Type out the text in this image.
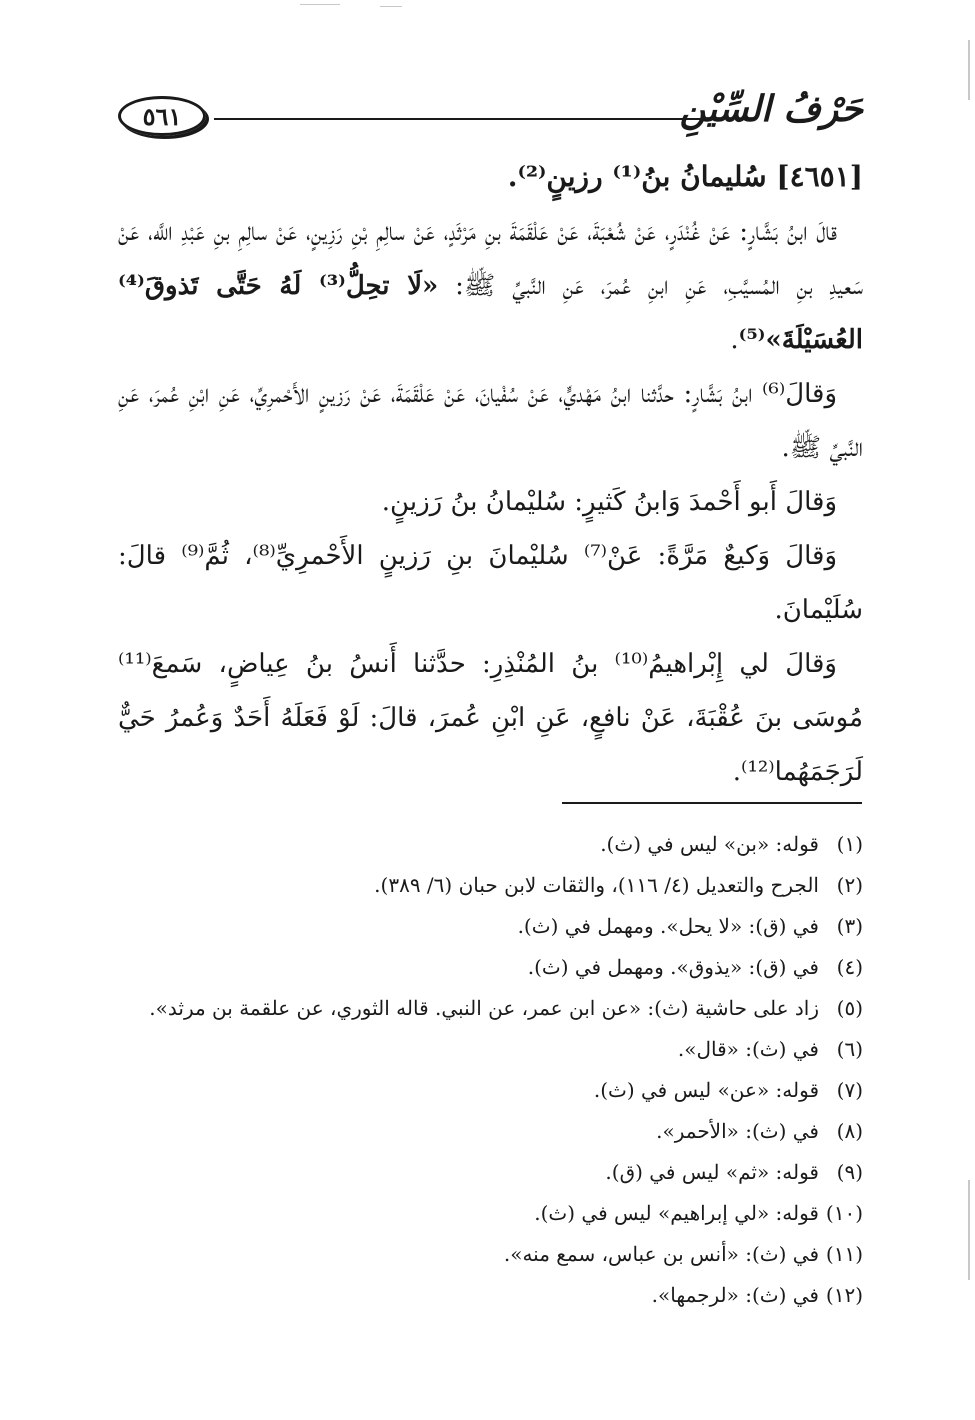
٥٦١	حَرْفُ السِّيْنِ

[٤٦٥١] سُليمانُ بنُ⁽¹⁾ رزينٍ⁽²⁾.

قالَ ابنُ بَشَّارٍ: عَنْ غُنْدَرٍ، عَنْ شُعْبَةَ، عَنْ عَلْقَمَةَ بنِ مَرْثَدٍ، عَنْ سالِمِ بْنِ رَزِينٍ، عَنْ سالِمِ بنِ عَبْدِ اللَّه، عَنْ سَعيدِ بنِ المُسيَّبِ، عَنِ ابنِ عُمرَ، عَنِ النَّبيِّ ﷺ: «لَا تحِلُّ⁽³⁾ لَهُ حَتَّى تَذوقَ⁽⁴⁾ العُسَيْلَةَ»⁽⁵⁾.

وَقالَ⁽⁶⁾ ابنُ بَشَّارٍ: حدَّثنا ابنُ مَهْديٍّ، عَنْ سُفْيانَ، عَنْ عَلْقَمَةَ، عَنْ رَزينٍ الأَحْمرِيِّ، عَنِ ابْنِ عُمرَ، عَنِ النَّبيِّ ﷺ.

وَقالَ أَبو أَحْمدَ وَابنُ كَثيرٍ: سُليْمانُ بنُ رَزينٍ.

وَقالَ وَكيعٌ مَرَّةً: عَنْ⁽⁷⁾ سُليْمانَ بنِ رَزينٍ الأَحْمرِيِّ⁽⁸⁾، ثُمَّ⁽⁹⁾ قالَ: سُلَيْمانَ.

وَقالَ لي إِبْراهيمُ⁽¹⁰⁾ بنُ المُنْذِرِ: حدَّثنا أَنسُ بنُ عِياضٍ، سَمعَ⁽¹¹⁾ مُوسَى بنَ عُقْبَةَ، عَنْ نافعٍ، عَنِ ابْنِ عُمرَ، قالَ: لَوْ فَعَلَهُ أَحَدٌ وَعُمرُ حَيٌّ لَرَجَمَهُما⁽¹²⁾.

(١)قوله: «بن» ليس في (ث).
(٢)الجرح والتعديل (٤/ ١١٦)، والثقات لابن حبان (٦/ ٣٨٩).
(٣)في (ق): «لا يحل». ومهمل في (ث).
(٤)في (ق): «يذوق». ومهمل في (ث).
(٥)زاد على حاشية (ث): «عن ابن عمر، عن النبي. قاله الثوري، عن علقمة بن مرثد».
(٦)في (ث): «قال».
(٧)قوله: «عن» ليس في (ث).
(٨)في (ث): «الأحمر».
(٩)قوله: «ثم» ليس في (ق).
(١٠)قوله: «لي إبراهيم» ليس في (ث).
(١١)في (ث): «أنس بن عباس، سمع منه».
(١٢)في (ث): «لرجمها».
